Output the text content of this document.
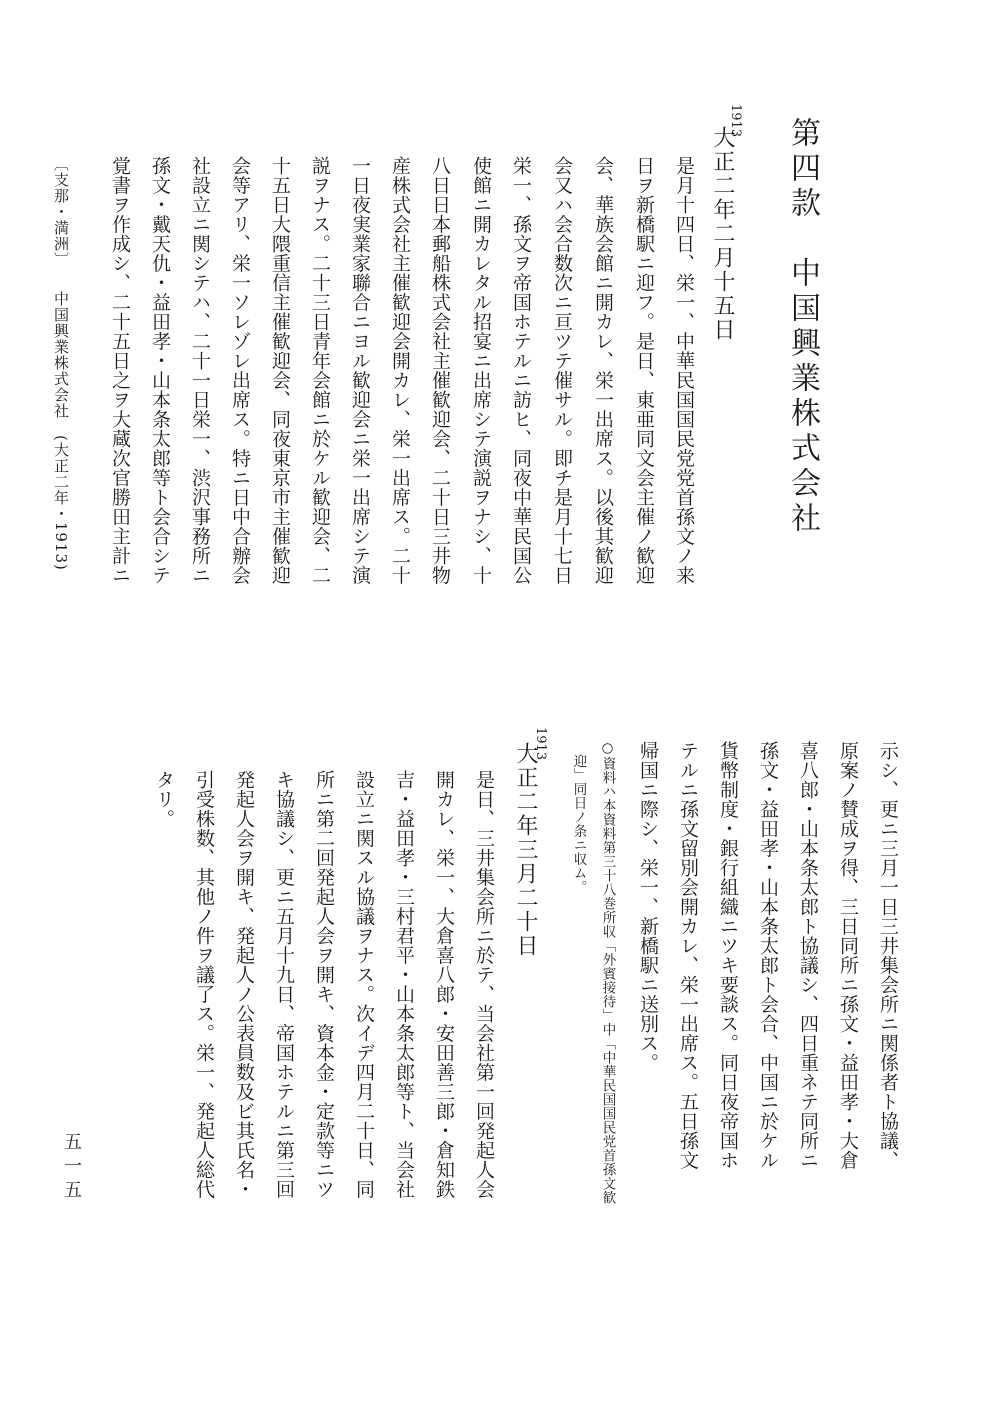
第四款　中国興業株式会社
1913
大正二年二月十五日
是月十四日、栄一、中華民国国民党党首孫文ノ来
日ヲ新橋駅ニ迎フ。是日、東亜同文会主催ノ歓迎
会、華族会館ニ開カレ、栄一出席ス。以後其歓迎
会又ハ会合数次ニ亘ツテ催サル。即チ是月十七日
栄一、孫文ヲ帝国ホテルニ訪ヒ、同夜中華民国公
使館ニ開カレタル招宴ニ出席シテ演説ヲナシ、十
八日日本郵船株式会社主催歓迎会、二十日三井物
産株式会社主催歓迎会開カレ、栄一出席ス。二十
一日夜実業家聯合ニヨル歓迎会ニ栄一出席シテ演
説ヲナス。二十三日青年会館ニ於ケル歓迎会、二
十五日大隈重信主催歓迎会、同夜東京市主催歓迎
会等アリ、栄一ソレゾレ出席ス。特ニ日中合辦会
社設立ニ関シテハ、二十一日栄一、渋沢事務所ニ
孫文・戴天仇・益田孝・山本条太郎等ト会合シテ
覚書ヲ作成シ、二十五日之ヲ大蔵次官勝田主計ニ
〔支那・満洲〕
中国興業株式会社　(大正二年・1913)
示シ、更ニ三月一日三井集会所ニ関係者ト協議、
原案ノ賛成ヲ得、三日同所ニ孫文・益田孝・大倉
喜八郎・山本条太郎ト協議シ、四日重ネテ同所ニ
孫文・益田孝・山本条太郎ト会合、中国ニ於ケル
貨幣制度・銀行組織ニツキ要談ス。同日夜帝国ホ
テルニ孫文留別会開カレ、栄一出席ス。五日孫文
帰国ニ際シ、栄一、新橋駅ニ送別ス。
○資料ハ本資料第三十八巻所収「外賓接待」中「中華民国国民党首孫文歓
迎」同日ノ条ニ収ム。
1913
大正二年三月二十日
是日、三井集会所ニ於テ、当会社第一回発起人会
開カレ、栄一、大倉喜八郎・安田善三郎・倉知鉄
吉・益田孝・三村君平・山本条太郎等ト、当会社
設立ニ関スル協議ヲナス。次イデ四月二十日、同
所ニ第二回発起人会ヲ開キ、資本金・定款等ニツ
キ協議シ、更ニ五月十九日、帝国ホテルニ第三回
発起人会ヲ開キ、発起人ノ公表員数及ビ其氏名・
引受株数、其他ノ件ヲ議了ス。栄一、発起人総代
タリ。
五一五
